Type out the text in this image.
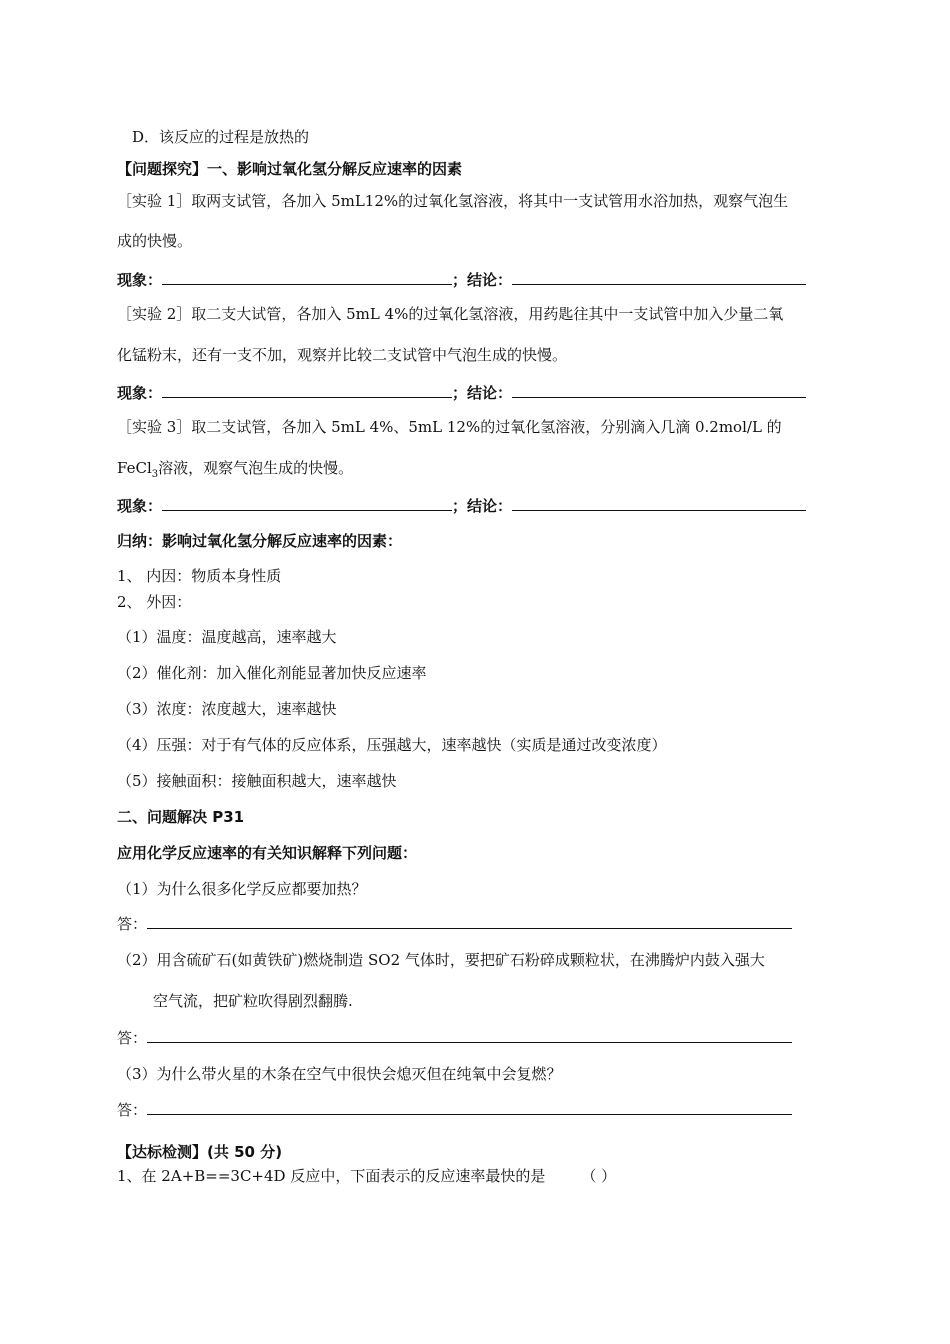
D．该反应的过程是放热的
【问题探究】一、影响过氧化氢分解反应速率的因素
［实验 1］取两支试管，各加入 5mL12%的过氧化氢溶液，将其中一支试管用水浴加热，观察气泡生
成的快慢。
现象：	；结论：
［实验 2］取二支大试管，各加入 5mL 4%的过氧化氢溶液，用药匙往其中一支试管中加入少量二氧
化锰粉末，还有一支不加，观察并比较二支试管中气泡生成的快慢。
现象：	；结论：
［实验 3］取二支试管，各加入 5mL 4%、5mL 12%的过氧化氢溶液，分别滴入几滴 0.2mol/L 的
FeCl$_3$溶液，观察气泡生成的快慢。
现象：	；结论：
归纳：影响过氧化氢分解反应速率的因素：
1、 内因：物质本身性质
2、 外因：
（1）温度：温度越高，速率越大
（2）催化剂：加入催化剂能显著加快反应速率
（3）浓度：浓度越大，速率越快
（4）压强：对于有气体的反应体系，压强越大，速率越快（实质是通过改变浓度）
（5）接触面积：接触面积越大，速率越快
二、问题解决 P31
应用化学反应速率的有关知识解释下列问题：
（1）为什么很多化学反应都要加热？
答：
（2）用含硫矿石(如黄铁矿)燃烧制造 SO2 气体时，要把矿石粉碎成颗粒状，在沸腾炉内鼓入强大
空气流，把矿粒吹得剧烈翻腾.
答：
（3）为什么带火星的木条在空气中很快会熄灭但在纯氧中会复燃？
答：
【达标检测】(共 50 分)
1、在 2A+B==3C+4D 反应中，下面表示的反应速率最快的是 （ ）
